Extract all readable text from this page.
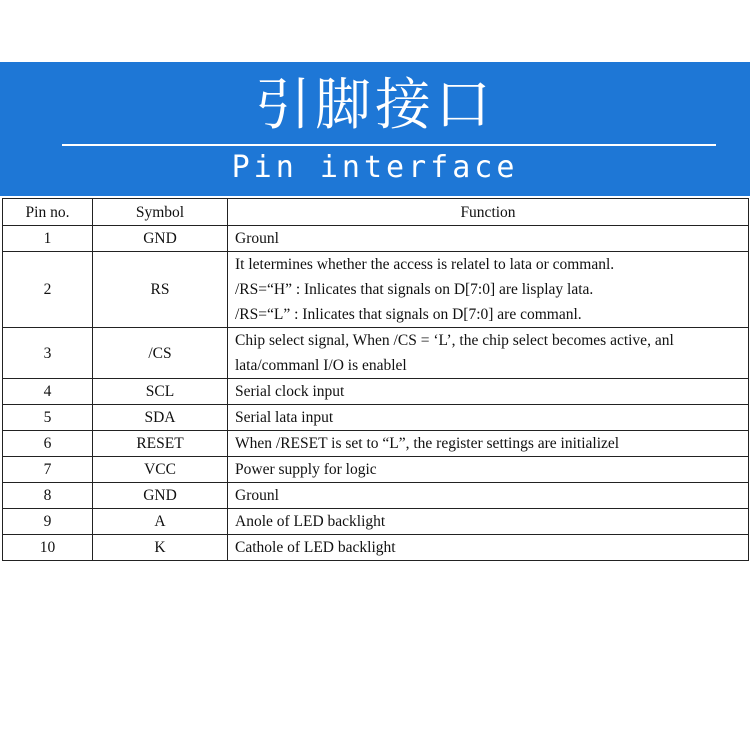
引脚接口
Pin interface
Pin no.	Symbol	Function
1	GND	Grounl
2	RS	It letermines whether the access is relatel to lata or commanl.
/RS=“H” : Inlicates that signals on D[7:0] are lisplay lata.
/RS=“L” : Inlicates that signals on D[7:0] are commanl.

3	/CS	Chip select signal, When /CS = ‘L’, the chip select becomes active, anl lata/commanl I/O is enablel
4	SCL	Serial clock input
5	SDA	Serial lata input
6	RESET	When /RESET is set to “L”, the register settings are initializel
7	VCC	Power supply for logic
8	GND	Grounl
9	A	Anole of LED backlight
10	K	Cathole of LED backlight
